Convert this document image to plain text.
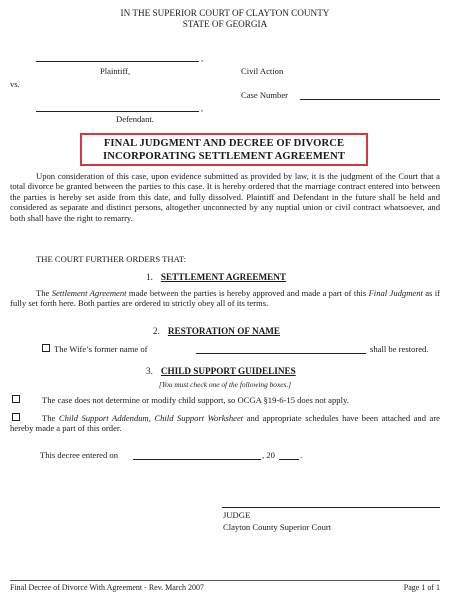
IN THE SUPERIOR COURT OF CLAYTON COUNTY
STATE OF GEORGIA
,
Plaintiff,
vs.
,
Defendant.
Civil Action
Case Number
FINAL JUDGMENT AND DECREE OF DIVORCE
INCORPORATING SETTLEMENT AGREEMENT
Upon consideration of this case, upon evidence submitted as provided by law, it is the judgment of the Court that a total divorce be granted between the parties to this case. It is hereby ordered that the marriage contract entered into between the parties is hereby set aside from this date, and fully dissolved. Plaintiff and Defendant in the future shall be held and considered as separate and distinct persons, altogether unconnected by any nuptial union or civil contract whatsoever, and both shall have the right to remarry.
THE COURT FURTHER ORDERS THAT:
1. SETTLEMENT AGREEMENT
The Settlement Agreement made between the parties is hereby approved and made a part of this Final Judgment as if fully set forth here. Both parties are ordered to strictly obey all of its terms.
2. RESTORATION OF NAME
The Wife’s former name of	shall be restored.
3. CHILD SUPPORT GUIDELINES
[You must check one of the following boxes.]
The case does not determine or modify child support, so OCGA §19-6-15 does not apply.
The Child Support Addendum, Child Support Worksheet and appropriate schedules have been attached and are hereby made a part of this order.
This decree entered on	, 20	.
JUDGE
Clayton County Superior Court
Final Decree of Divorce With Agreement - Rev. March 2007	Page 1 of 1
